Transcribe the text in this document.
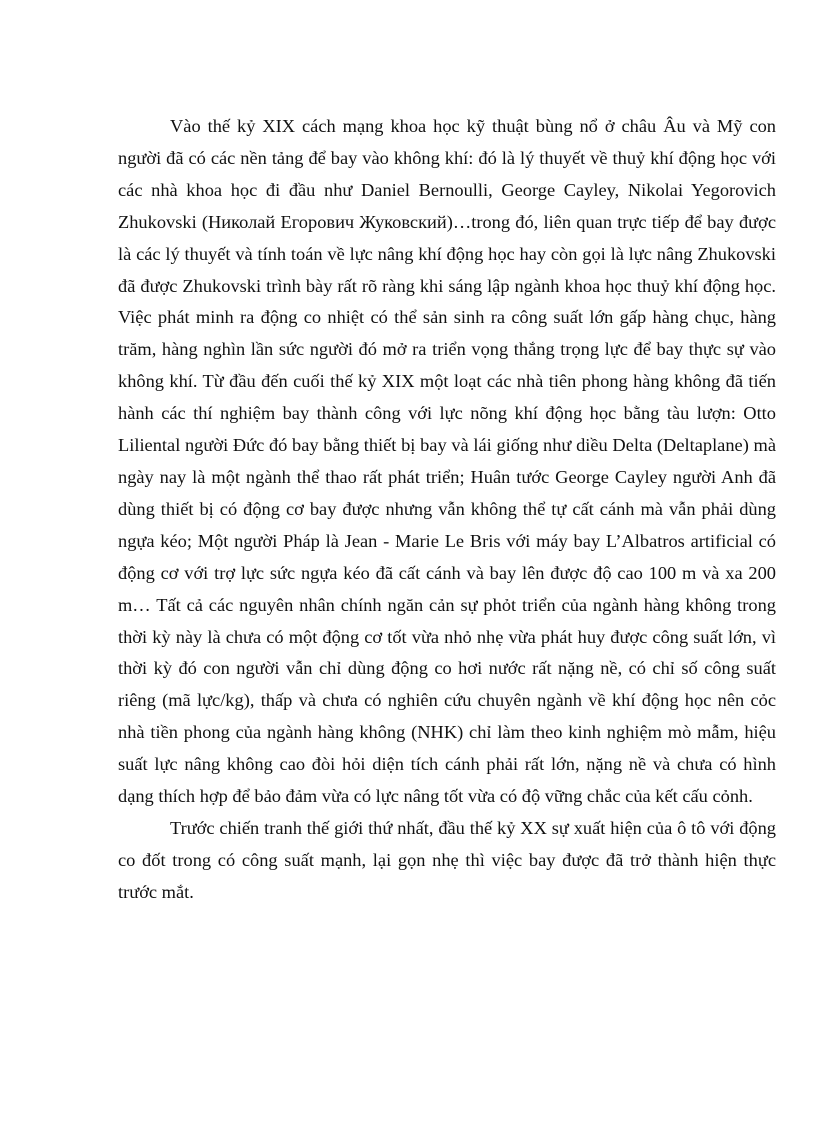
Vào thế kỷ XIX cách mạng khoa học kỹ thuật bùng nổ ở châu Âu và Mỹ con người đã có các nền tảng để bay vào không khí: đó là lý thuyết về thuỷ khí động học với các nhà khoa học đi đầu như Daniel Bernoulli, George Cayley, Nikolai Yegorovich Zhukovski (Николай Егорович Жуковский)…trong đó, liên quan trực tiếp để bay được là các lý thuyết và tính toán về lực nâng khí động học hay còn gọi là lực nâng Zhukovski đã được Zhukovski trình bày rất rõ ràng khi sáng lập ngành khoa học thuỷ khí động học. Việc phát minh ra động co nhiệt có thể sản sinh ra công suất lớn gấp hàng chục, hàng trăm, hàng nghìn lần sức người đó mở ra triển vọng thắng trọng lực để bay thực sự vào không khí. Từ đầu đến cuối thế kỷ XIX một loạt các nhà tiên phong hàng không đã tiến hành các thí nghiệm bay thành công với lực nõng khí động học bằng tàu lượn: Otto Liliental người Đức đó bay bằng thiết bị bay và lái giống như diều Delta (Deltaplane) mà ngày nay là một ngành thể thao rất phát triển; Huân tước George Cayley người Anh đã dùng thiết bị có động cơ bay được nhưng vẫn không thể tự cất cánh mà vẫn phải dùng ngựa kéo; Một người Pháp là Jean - Marie Le Bris với máy bay L’Albatros artificial có động cơ với trợ lực sức ngựa kéo đã cất cánh và bay lên được độ cao 100 m và xa 200 m… Tất cả các nguyên nhân chính ngăn cản sự phỏt triển của ngành hàng không trong thời kỳ này là chưa có một động cơ tốt vừa nhỏ nhẹ vừa phát huy được công suất lớn, vì thời kỳ đó con người vẫn chỉ dùng động co hơi nước rất nặng nề, có chỉ số công suất riêng (mã lực/kg), thấp và chưa có nghiên cứu chuyên ngành về khí động học nên cỏc nhà tiền phong của ngành hàng không (NHK) chỉ làm theo kinh nghiệm mò mẫm, hiệu suất lực nâng không cao đòi hỏi diện tích cánh phải rất lớn, nặng nề và chưa có hình dạng thích hợp để bảo đảm vừa có lực nâng tốt vừa có độ vững chắc của kết cấu cỏnh.

Trước chiến tranh thế giới thứ nhất, đầu thế kỷ XX sự xuất hiện của ô tô với động co đốt trong có công suất mạnh, lại gọn nhẹ thì việc bay được đã trở thành hiện thực trước mắt.
